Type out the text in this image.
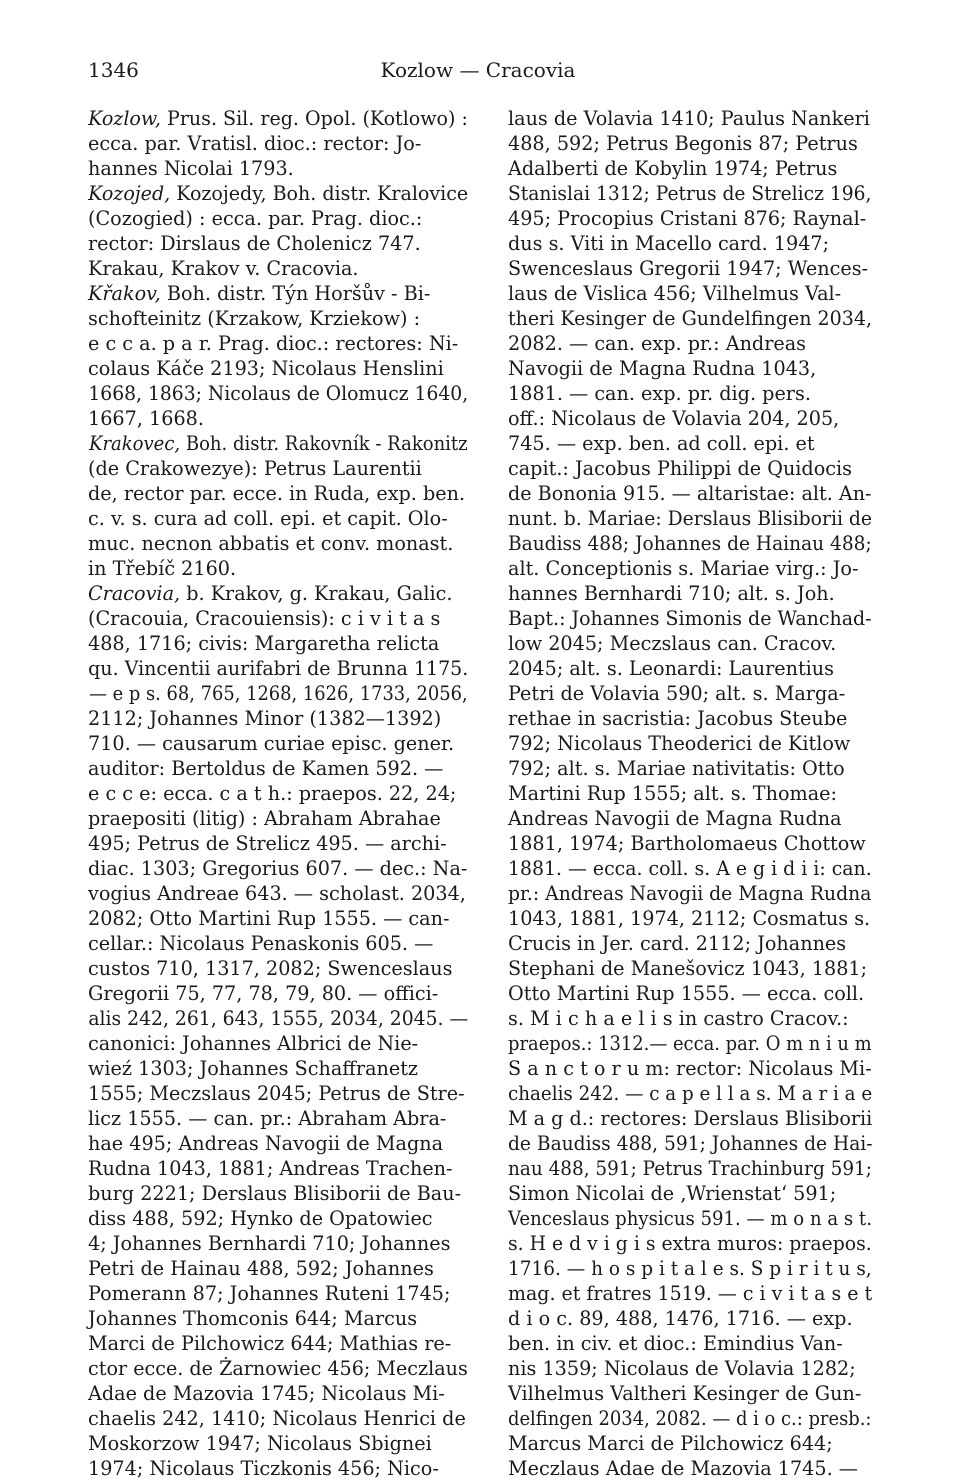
1346	Kozlow — Cracovia
Kozlow, Prus. Sil. reg. Opol. (Kotlowo) :
ecca. par. Vratisl. dioc.: rector: Jo-
hannes Nicolai 1793.
Kozojed, Kozojedy, Boh. distr. Kralovice
(Cozogied) : ecca. par. Prag. dioc.:
rector: Dirslaus de Cholenicz 747.
Krakau, Krakov v. Cracovia.
Křakov, Boh. distr. Týn Horšův - Bi-
schofteinitz (Krzakow, Krziekow) :
e c c a. p a r. Prag. dioc.: rectores: Ni-
colaus Káče 2193; Nicolaus Henslini
1668, 1863; Nicolaus de Olomucz 1640,
1667, 1668.
Krakovec, Boh. distr. Rakovník - Rakonitz
(de Crakowezye): Petrus Laurentii
de, rector par. ecce. in Ruda, exp. ben.
c. v. s. cura ad coll. epi. et capit. Olo-
muc. necnon abbatis et conv. monast.
in Třebíč 2160.
Cracovia, b. Krakov, g. Krakau, Galic.
(Cracouia, Cracouiensis): c i v i t a s
488, 1716; civis: Margaretha relicta
qu. Vincentii aurifabri de Brunna 1175.
— e p s. 68, 765, 1268, 1626, 1733, 2056,
2112; Johannes Minor (1382—1392)
710. — causarum curiae episc. gener.
auditor: Bertoldus de Kamen 592. —
e c c e: ecca. c a t h.: praepos. 22, 24;
praepositi (litig) : Abraham Abrahae
495; Petrus de Strelicz 495. — archi-
diac. 1303; Gregorius 607. — dec.: Na-
vogius Andreae 643. — scholast. 2034,
2082; Otto Martini Rup 1555. — can-
cellar.: Nicolaus Penaskonis 605. —
custos 710, 1317, 2082; Swenceslaus
Gregorii 75, 77, 78, 79, 80. — offici-
alis 242, 261, 643, 1555, 2034, 2045. —
canonici: Johannes Albrici de Nie-
wieź 1303; Johannes Schaffranetz
1555; Meczslaus 2045; Petrus de Stre-
licz 1555. — can. pr.: Abraham Abra-
hae 495; Andreas Navogii de Magna
Rudna 1043, 1881; Andreas Trachen-
burg 2221; Derslaus Blisiborii de Bau-
diss 488, 592; Hynko de Opatowiec
4; Johannes Bernhardi 710; Johannes
Petri de Hainau 488, 592; Johannes
Pomerann 87; Johannes Ruteni 1745;
Johannes Thomconis 644; Marcus
Marci de Pilchowicz 644; Mathias re-
ctor ecce. de Żarnowiec 456; Meczlaus
Adae de Mazovia 1745; Nicolaus Mi-
chaelis 242, 1410; Nicolaus Henrici de
Moskorzow 1947; Nicolaus Sbignei
1974; Nicolaus Ticzkonis 456; Nico-
laus de Volavia 1410; Paulus Nankeri
488, 592; Petrus Begonis 87; Petrus
Adalberti de Kobylin 1974; Petrus
Stanislai 1312; Petrus de Strelicz 196,
495; Procopius Cristani 876; Raynal-
dus s. Viti in Macello card. 1947;
Swenceslaus Gregorii 1947; Wences-
laus de Vislica 456; Vilhelmus Val-
theri Kesinger de Gundelfingen 2034,
2082. — can. exp. pr.: Andreas
Navogii de Magna Rudna 1043,
1881. — can. exp. pr. dig. pers.
off.: Nicolaus de Volavia 204, 205,
745. — exp. ben. ad coll. epi. et
capit.: Jacobus Philippi de Quidocis
de Bononia 915. — altaristae: alt. An-
nunt. b. Mariae: Derslaus Blisiborii de
Baudiss 488; Johannes de Hainau 488;
alt. Conceptionis s. Mariae virg.: Jo-
hannes Bernhardi 710; alt. s. Joh.
Bapt.: Johannes Simonis de Wanchad-
low 2045; Meczslaus can. Cracov.
2045; alt. s. Leonardi: Laurentius
Petri de Volavia 590; alt. s. Marga-
rethae in sacristia: Jacobus Steube
792; Nicolaus Theoderici de Kitlow
792; alt. s. Mariae nativitatis: Otto
Martini Rup 1555; alt. s. Thomae:
Andreas Navogii de Magna Rudna
1881, 1974; Bartholomaeus Chottow
1881. — ecca. coll. s. A e g i d i i: can.
pr.: Andreas Navogii de Magna Rudna
1043, 1881, 1974, 2112; Cosmatus s.
Crucis in Jer. card. 2112; Johannes
Stephani de Manešovicz 1043, 1881;
Otto Martini Rup 1555. — ecca. coll.
s. M i c h a e l i s in castro Cracov.:
praepos.: 1312.— ecca. par. O m n i u m
S a n c t o r u m: rector: Nicolaus Mi-
chaelis 242. — c a p e l l a s. M a r i a e
M a g d.: rectores: Derslaus Blisiborii
de Baudiss 488, 591; Johannes de Hai-
nau 488, 591; Petrus Trachinburg 591;
Simon Nicolai de ‚Wrienstat‘ 591;
Venceslaus physicus 591. — m o n a s t.
s. H e d v i g i s extra muros: praepos.
1716. — h o s p i t a l e s. S p i r i t u s,
mag. et fratres 1519. — c i v i t a s e t
d i o c. 89, 488, 1476, 1716. — exp.
ben. in civ. et dioc.: Emindius Van-
nis 1359; Nicolaus de Volavia 1282;
Vilhelmus Valtheri Kesinger de Gun-
delfingen 2034, 2082. — d i o c.: presb.:
Marcus Marci de Pilchowicz 644;
Meczlaus Adae de Mazovia 1745. —
